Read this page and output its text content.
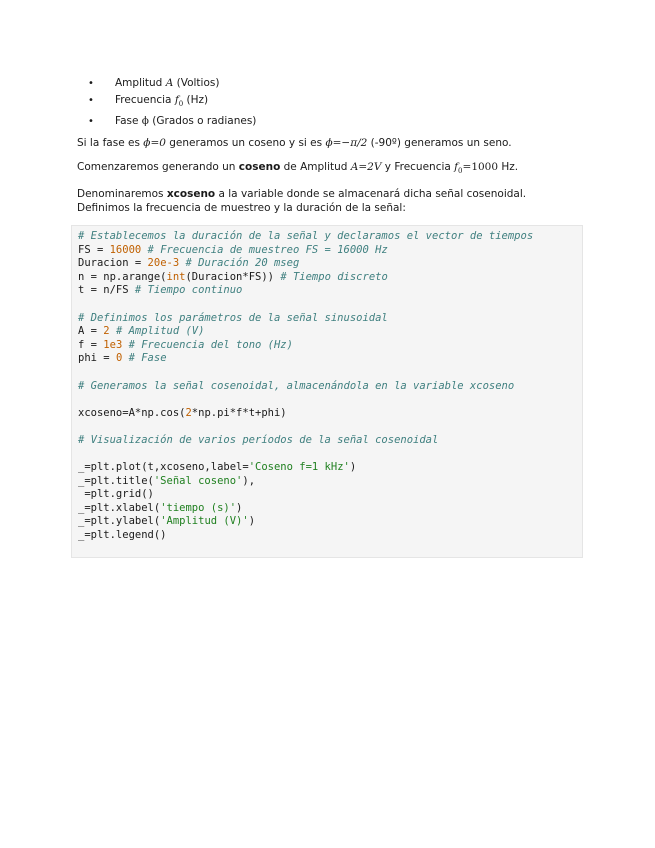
• Amplitud A (Voltios)
• Frecuencia $f_0$ (Hz)
• Fase ϕ (Grados o radianes)

Si la fase es ϕ=0 generamos un coseno y si es ϕ=−π/2 (-90º) generamos un seno.

Comenzaremos generando un coseno de Amplitud A=2V y Frecuencia $f_0=1000$ Hz.

Denominaremos xcoseno a la variable donde se almacenará dicha señal cosenoidal. Definimos la frecuencia de muestreo y la duración de la señal:

# Establecemos la duración de la señal y declaramos el vector de tiempos
FS = 16000 # Frecuencia de muestreo FS = 16000 Hz
Duracion = 20e-3 # Duración 20 mseg
n = np.arange(int(Duracion*FS)) # Tiempo discreto
t = n/FS # Tiempo continuo
# Definimos los parámetros de la señal sinusoidal
A = 2 # Amplitud (V)
f = 1e3 # Frecuencia del tono (Hz)
phi = 0 # Fase
# Generamos la señal cosenoidal, almacenándola en la variable xcoseno
xcoseno=A*np.cos(2*np.pi*f*t+phi)
# Visualización de varios períodos de la señal cosenoidal
_=plt.plot(t,xcoseno,label='Coseno f=1 kHz')
_=plt.title('Señal coseno'),
=plt.grid()
_=plt.xlabel('tiempo (s)')
_=plt.ylabel('Amplitud (V)')
_=plt.legend()
